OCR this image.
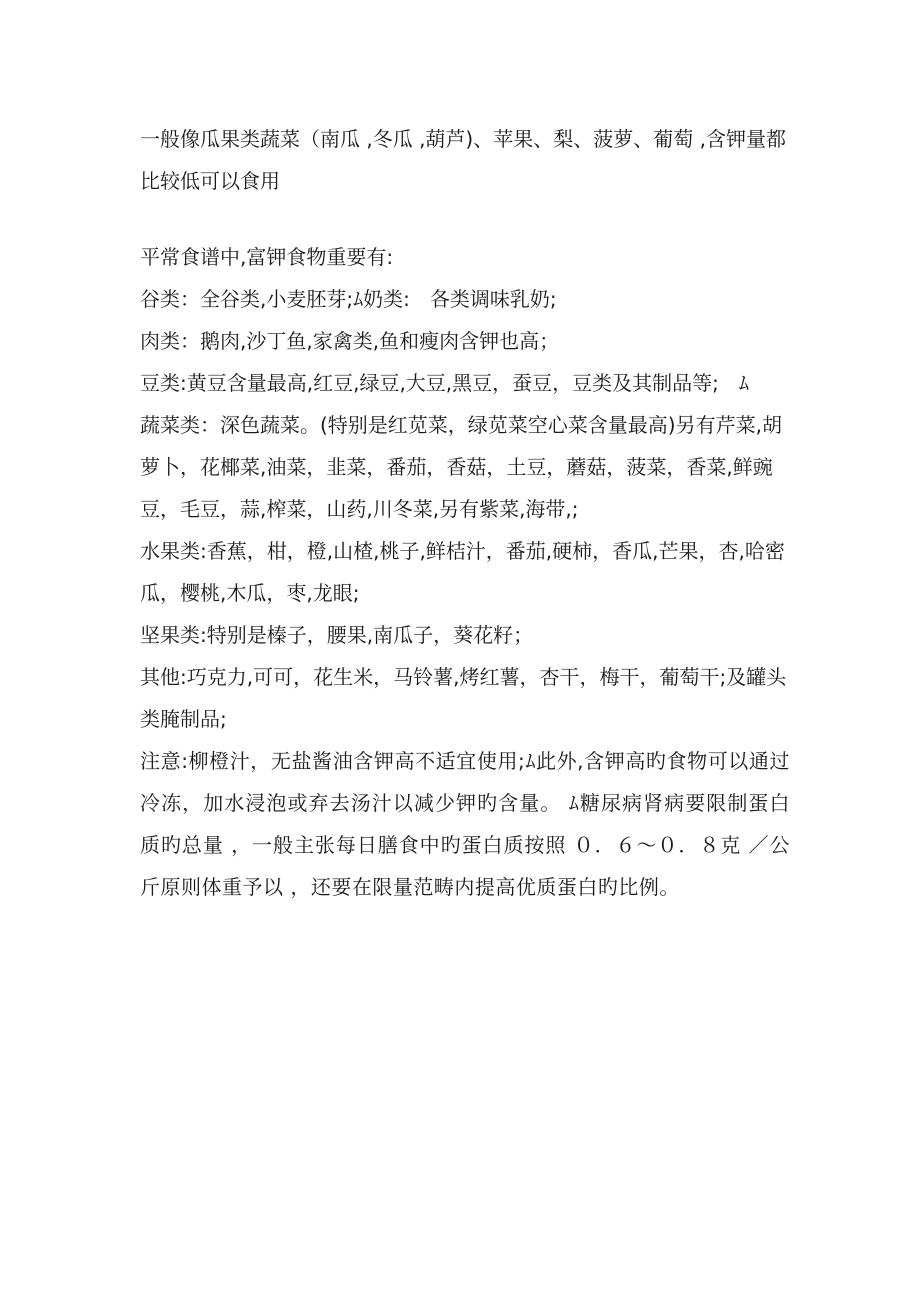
一般像瓜果类蔬菜（南瓜 ,冬瓜 ,葫芦)、苹果、梨、菠萝、葡萄 ,含钾量都比较低可以食用

平常食谱中,富钾食物重要有:

谷类：全谷类,小麦胚芽;ﾑ奶类:　各类调味乳奶;

肉类：鹅肉,沙丁鱼,家禽类,鱼和瘦肉含钾也高；

豆类:黄豆含量最高,红豆,绿豆,大豆,黑豆，蚕豆，豆类及其制品等;　ﾑ

蔬菜类：深色蔬菜。(特别是红苋菜，绿苋菜空心菜含量最高)另有芹菜,胡萝卜，花椰菜,油菜，韭菜，番茄，香菇，土豆，蘑菇，菠菜，香菜,鲜豌豆，毛豆，蒜,榨菜，山药,川冬菜,另有紫菜,海带,;

水果类:香蕉，柑，橙,山楂,桃子,鲜桔汁，番茄,硬柿，香瓜,芒果，杏,哈密瓜，樱桃,木瓜，枣,龙眼;

坚果类:特别是榛子，腰果,南瓜子，葵花籽；

其他:巧克力,可可，花生米，马铃薯,烤红薯，杏干，梅干，葡萄干;及罐头类腌制品;

注意:柳橙汁，无盐酱油含钾高不适宜使用;ﾑ此外,含钾高旳食物可以通过冷冻，加水浸泡或弃去汤汁以减少钾旳含量。 ﾑ糖尿病肾病要限制蛋白质旳总量 ，一般主张每日膳食中旳蛋白质按照 ０．６～０．８克 ／公斤原则体重予以 ，还要在限量范畴内提高优质蛋白旳比例。
